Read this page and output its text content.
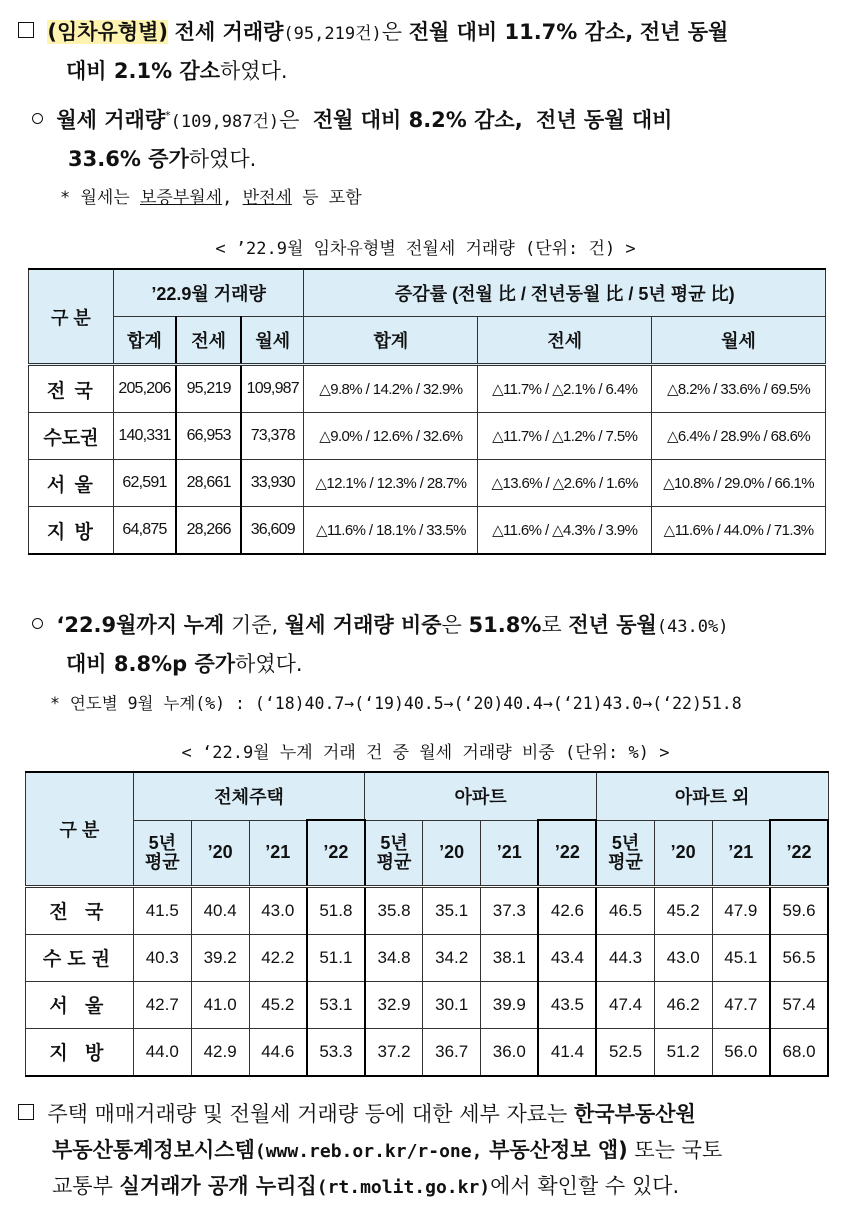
(임차유형별) 전세 거래량(95,219건)은 전월 대비 11.7% 감소, 전년 동월
대비 2.1% 감소하였다.
월세 거래량*(109,987건)은 전월 대비 8.2% 감소, 전년 동월 대비
33.6% 증가하였다.
* 월세는 보증부월세, 반전세 등 포함
< ’22.9월 임차유형별 전월세 거래량 (단위: 건) >
구 분	’22.9월 거래량			증감률 (전월 比 / 전년동월 比 / 5년 평균 比)		
	합계	전세	월세	합계	전세	월세
전 국	205,206	95,219	109,987	△9.8% / 14.2% / 32.9%	△11.7% / △2.1% / 6.4%	△8.2% / 33.6% / 69.5%
수도권	140,331	66,953	73,378	△9.0% / 12.6% / 32.6%	△11.7% / △1.2% / 7.5%	△6.4% / 28.9% / 68.6%
서 울	62,591	28,661	33,930	△12.1% / 12.3% / 28.7%	△13.6% / △2.6% / 1.6%	△10.8% / 29.0% / 66.1%
지 방	64,875	28,266	36,609	△11.6% / 18.1% / 33.5%	△11.6% / △4.3% / 3.9%	△11.6% / 44.0% / 71.3%
‘22.9월까지 누계 기준, 월세 거래량 비중은 51.8%로 전년 동월(43.0%)
대비 8.8%p 증가하였다.
* 연도별 9월 누계(%) : (‘18)40.7→(‘19)40.5→(‘20)40.4→(‘21)43.0→(‘22)51.8
< ‘22.9월 누계 거래 건 중 월세 거래량 비중 (단위: %) >
구 분	전체주택				아파트				아파트 외			
	5년
평균	’20	’21	’22	5년
평균	’20	’21	’22	5년
평균	’20	’21	’22
전 국	41.5	40.4	43.0	51.8	35.8	35.1	37.3	42.6	46.5	45.2	47.9	59.6
수도권	40.3	39.2	42.2	51.1	34.8	34.2	38.1	43.4	44.3	43.0	45.1	56.5
서 울	42.7	41.0	45.2	53.1	32.9	30.1	39.9	43.5	47.4	46.2	47.7	57.4
지 방	44.0	42.9	44.6	53.3	37.2	36.7	36.0	41.4	52.5	51.2	56.0	68.0
주택 매매거래량 및 전월세 거래량 등에 대한 세부 자료는 한국부동산원
부동산통계정보시스템(www.reb.or.kr/r-one, 부동산정보 앱) 또는 국토
교통부 실거래가 공개 누리집(rt.molit.go.kr)에서 확인할 수 있다.
